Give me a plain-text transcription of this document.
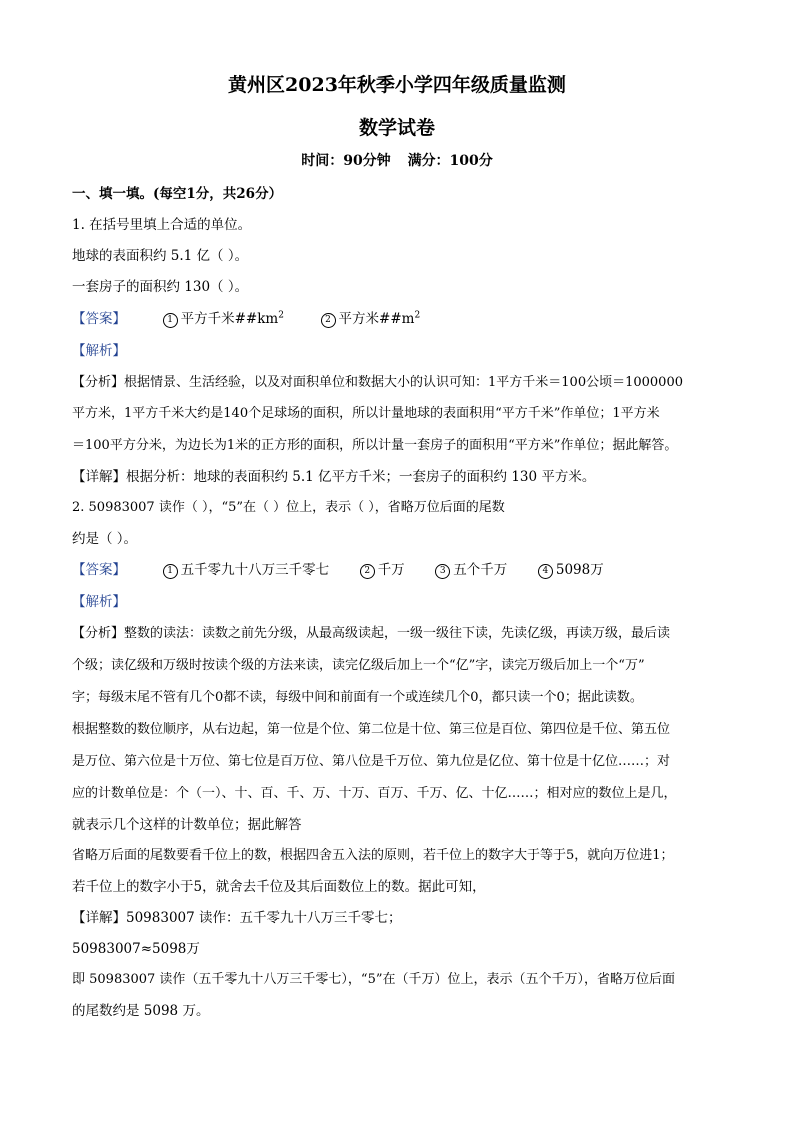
黄州区2023年秋季小学四年级质量监测
数学试卷
时间：90分钟 满分：100分
一、填一填。(每空1分，共26分）
1. 在括号里填上合适的单位。
地球的表面积约 5.1 亿（ ）。
一套房子的面积约 130（ ）。
【答案】	1 平方千米$\#\#km^2$	2 平方米$\#\#m^2$
【解析】
【分析】根据情景、生活经验，以及对面积单位和数据大小的认识可知：1平方千米＝100公顷＝1000000
平方米，1平方千米大约是140个足球场的面积，所以计量地球的表面积用“平方千米”作单位；1平方米
＝100平方分米，为边长为1米的正方形的面积，所以计量一套房子的面积用“平方米”作单位；据此解答。
【详解】根据分析：地球的表面积约 5.1 亿平方千米；一套房子的面积约 130 平方米。
2. 50983007 读作（ ），“5”在（ ）位上，表示（ ），省略万位后面的尾数
约是（ ）。
【答案】	1 五千零九十八万三千零七	2 千万	3 五个千万	4 5098万
【解析】
【分析】整数的读法：读数之前先分级，从最高级读起，一级一级往下读，先读亿级，再读万级，最后读
个级；读亿级和万级时按读个级的方法来读，读完亿级后加上一个“亿”字，读完万级后加上一个“万”
字；每级末尾不管有几个0都不读，每级中间和前面有一个或连续几个0，都只读一个0；据此读数。
根据整数的数位顺序，从右边起，第一位是个位、第二位是十位、第三位是百位、第四位是千位、第五位
是万位、第六位是十万位、第七位是百万位、第八位是千万位、第九位是亿位、第十位是十亿位……；对
应的计数单位是：个（一）、十、百、千、万、十万、百万、千万、亿、十亿……；相对应的数位上是几，
就表示几个这样的计数单位；据此解答
省略万后面的尾数要看千位上的数，根据四舍五入法的原则，若千位上的数字大于等于5，就向万位进1；
若千位上的数字小于5，就舍去千位及其后面数位上的数。据此可知，
【详解】50983007 读作：五千零九十八万三千零七；
50983007≈5098万
即 50983007 读作（五千零九十八万三千零七），“5”在（千万）位上，表示（五个千万），省略万位后面
的尾数约是 5098 万。
